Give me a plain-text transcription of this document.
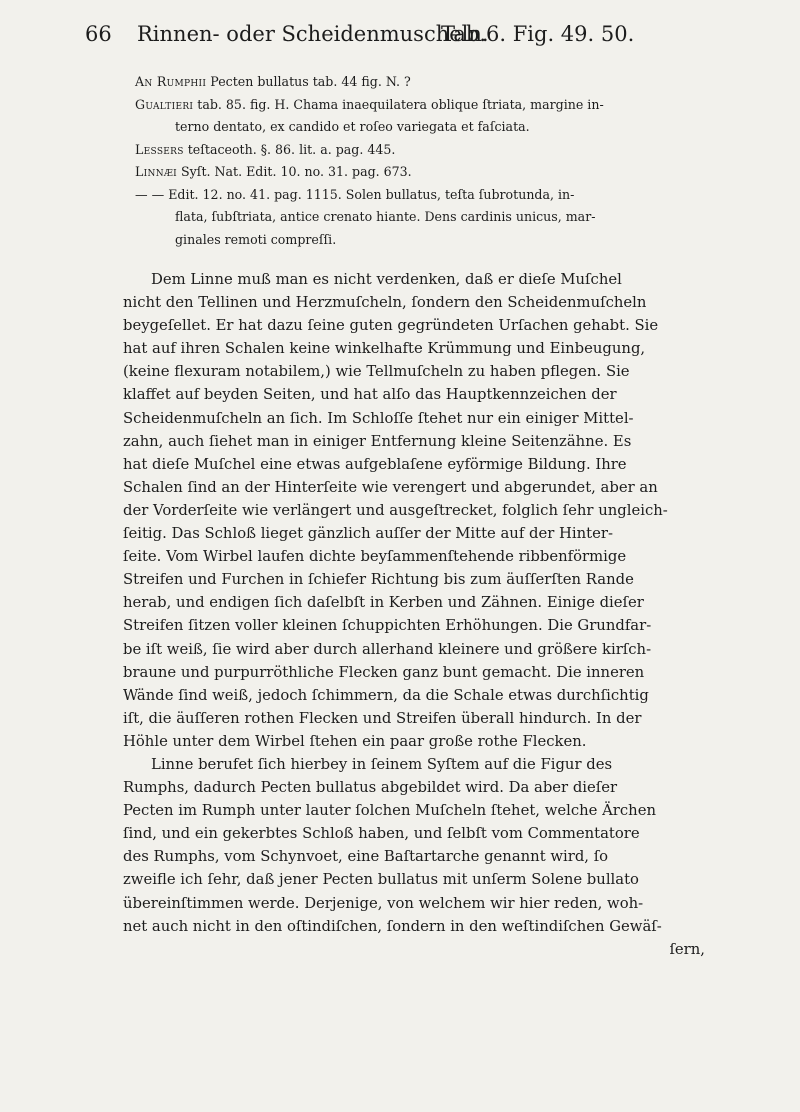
66 Rinnen- oder Scheidenmuscheln.
Tab.6. Fig. 49. 50.
An Rumphii Pecten bullatus tab. 44 fig. N. ?
Gualtieri tab. 85. fig. H. Chama inaequilatera oblique ſtriata, margine in-
terno dentato, ex candido et roſeo variegata et faſciata.
Lessers teſtaceoth. §. 86. lit. a. pag. 445.
Linnæi Syſt. Nat. Edit. 10. no. 31. pag. 673.
— — Edit. 12. no. 41. pag. 1115. Solen bullatus, teſta ſubrotunda, in-
flata, ſubſtriata, antice crenato hiante. Dens cardinis unicus, mar-
ginales remoti compreſſi.
Dem Linne muß man es nicht verdenken, daß er dieſe Muſchel
nicht den Tellinen und Herzmuſcheln, ſondern den Scheidenmuſcheln
beygeſellet. Er hat dazu ſeine guten gegründeten Urſachen gehabt. Sie
hat auf ihren Schalen keine winkelhafte Krümmung und Einbeugung,
(keine flexuram notabilem,) wie Tellmuſcheln zu haben pflegen. Sie
klaffet auf beyden Seiten, und hat alſo das Hauptkennzeichen der
Scheidenmuſcheln an ſich. Im Schloſſe ſtehet nur ein einiger Mittel-
zahn, auch ſiehet man in einiger Entfernung kleine Seitenzähne. Es
hat dieſe Muſchel eine etwas aufgeblaſene eyförmige Bildung. Ihre
Schalen ſind an der Hinterſeite wie verengert und abgerundet, aber an
der Vorderſeite wie verlängert und ausgeſtrecket, folglich ſehr ungleich-
ſeitig. Das Schloß lieget gänzlich auſſer der Mitte auf der Hinter-
ſeite. Vom Wirbel laufen dichte beyſammenſtehende ribbenförmige
Streifen und Furchen in ſchiefer Richtung bis zum äuſſerſten Rande
herab, und endigen ſich daſelbſt in Kerben und Zähnen. Einige dieſer
Streifen ſitzen voller kleinen ſchuppichten Erhöhungen. Die Grundfar-
be iſt weiß, ſie wird aber durch allerhand kleinere und größere kirſch-
braune und purpurröthliche Flecken ganz bunt gemacht. Die inneren
Wände ſind weiß, jedoch ſchimmern, da die Schale etwas durchſichtig
iſt, die äuſſeren rothen Flecken und Streifen überall hindurch. In der
Höhle unter dem Wirbel ſtehen ein paar große rothe Flecken.
Linne berufet ſich hierbey in ſeinem Syſtem auf die Figur des
Rumphs, dadurch Pecten bullatus abgebildet wird. Da aber dieſer
Pecten im Rumph unter lauter ſolchen Muſcheln ſtehet, welche Ärchen
ſind, und ein gekerbtes Schloß haben, und ſelbſt vom Commentatore
des Rumphs, vom Schynvoet, eine Baſtartarche genannt wird, ſo
zweifle ich ſehr, daß jener Pecten bullatus mit unſerm Solene bullato
übereinſtimmen werde. Derjenige, von welchem wir hier reden, woh-
net auch nicht in den oſtindiſchen, ſondern in den weſtindiſchen Gewäſ-
ſern,
